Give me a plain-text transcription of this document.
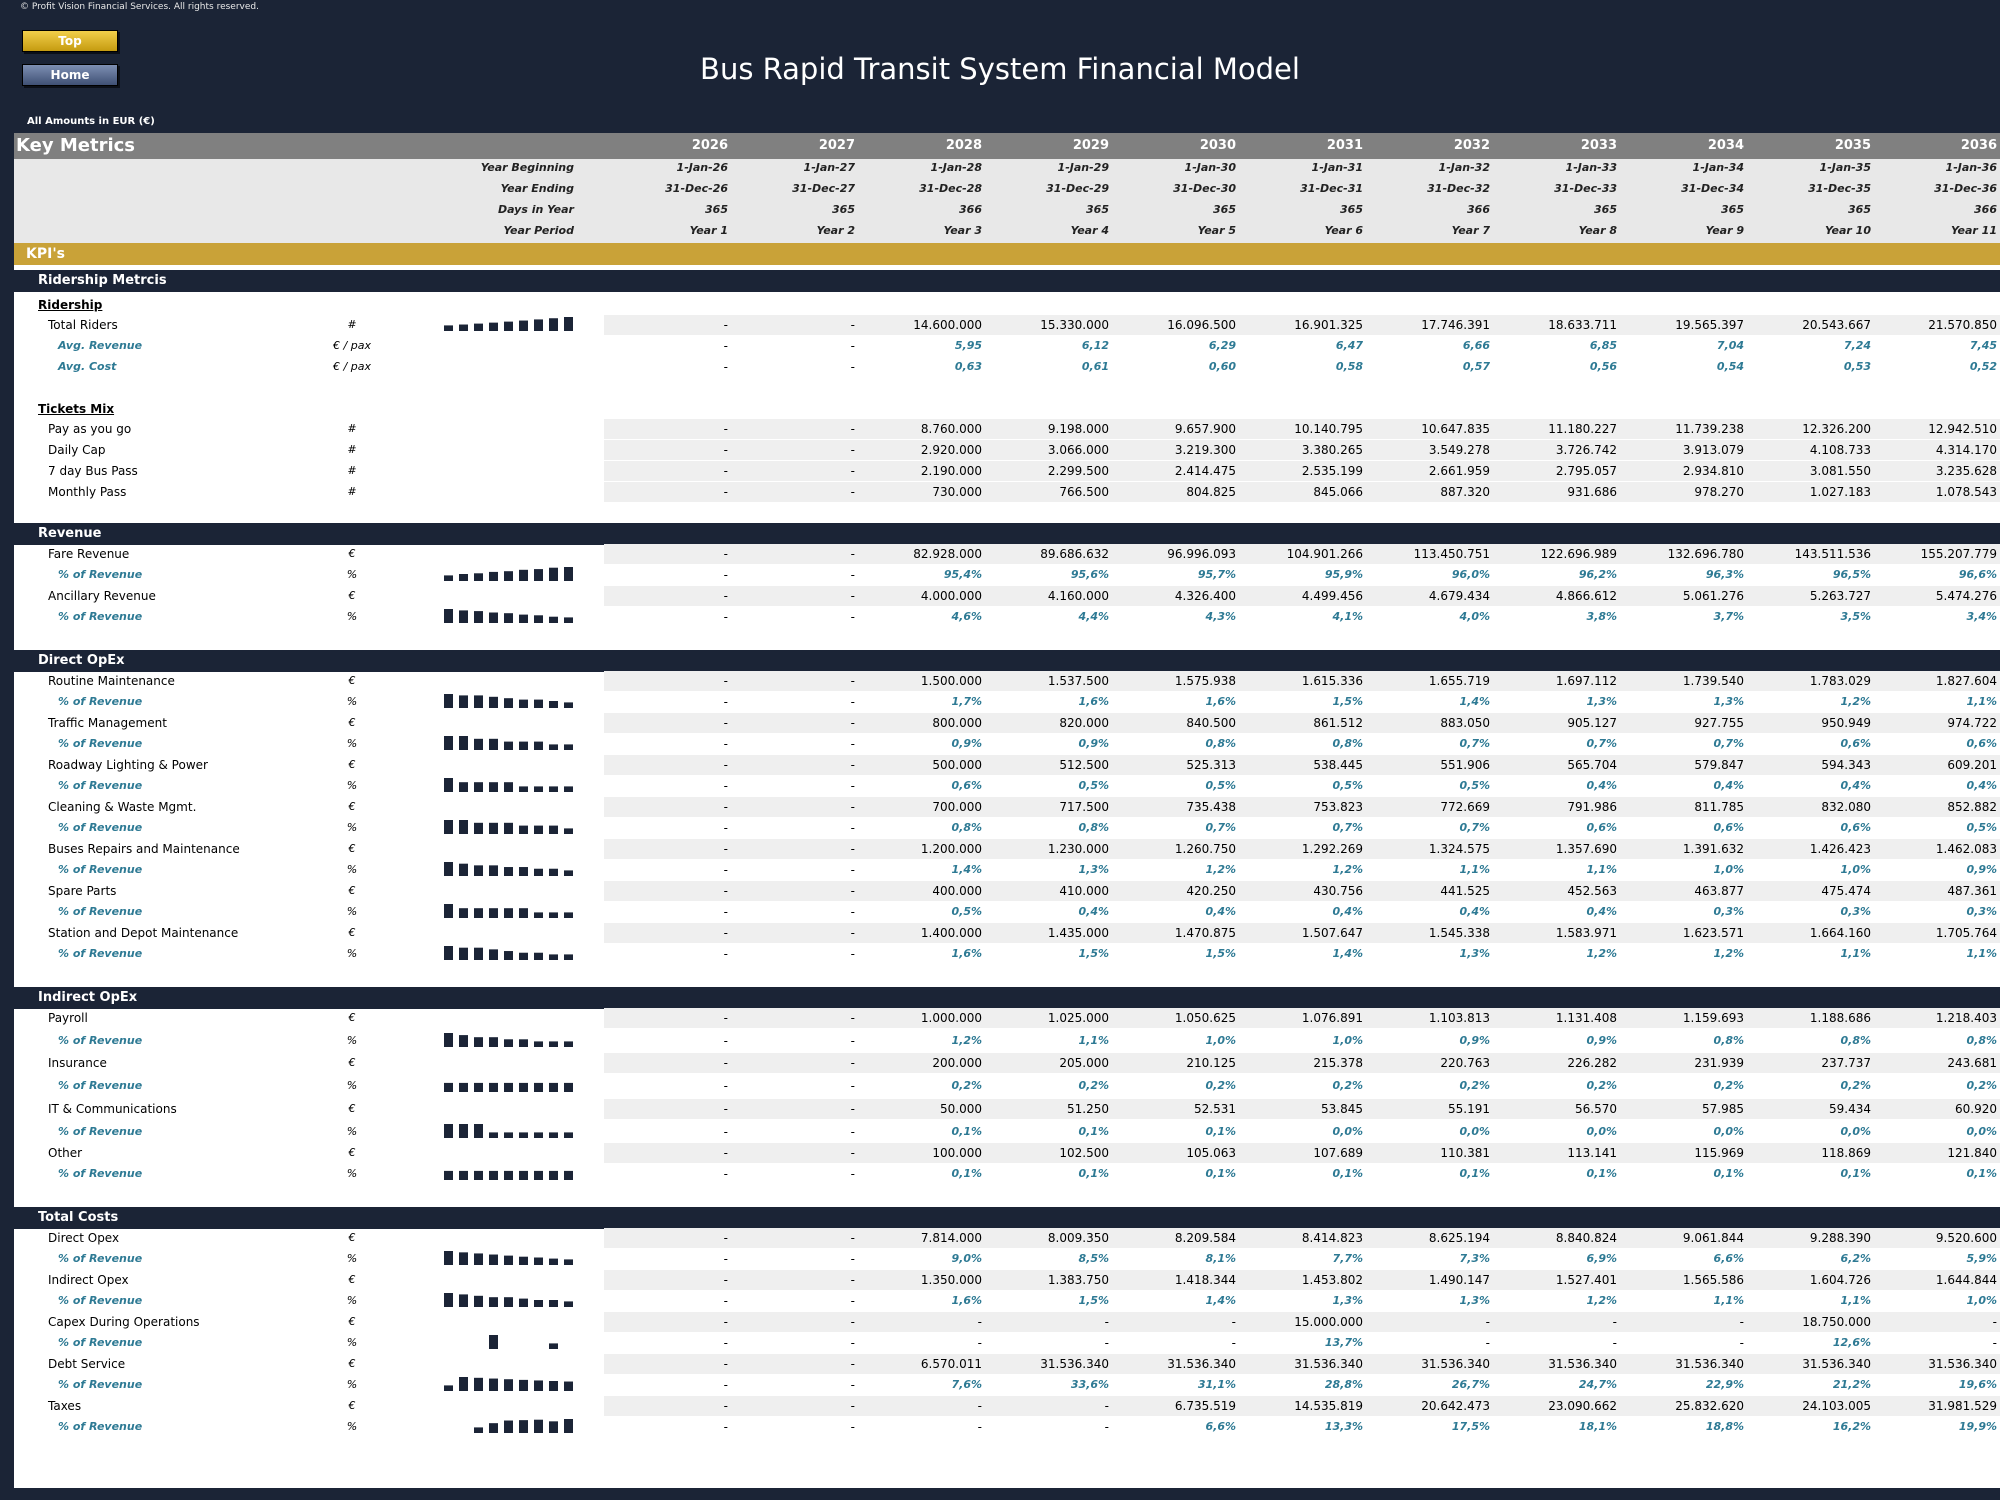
© Profit Vision Financial Services. All rights reserved.
Top
Home	Bus Rapid Transit System Financial Model
All Amounts in EUR (€)
Key Metrics	2026	2027	2028	2029	2030	2031	2032	2033	2034	2035	2036
Year Beginning	1-Jan-26	1-Jan-27	1-Jan-28	1-Jan-29	1-Jan-30	1-Jan-31	1-Jan-32	1-Jan-33	1-Jan-34	1-Jan-35	1-Jan-36
Year Ending	31-Dec-26	31-Dec-27	31-Dec-28	31-Dec-29	31-Dec-30	31-Dec-31	31-Dec-32	31-Dec-33	31-Dec-34	31-Dec-35	31-Dec-36
Days in Year	365	365	366	365	365	365	366	365	365	365	366
Year Period	Year 1	Year 2	Year 3	Year 4	Year 5	Year 6	Year 7	Year 8	Year 9	Year 10	Year 11
KPI's
Ridership Metrcis
Ridership
Tickets Mix
Total Riders	#	-	-	14.600.000	15.330.000	16.096.500	16.901.325	17.746.391	18.633.711	19.565.397	20.543.667	21.570.850
Avg. Revenue	€ / pax	-	-	5,95	6,12	6,29	6,47	6,66	6,85	7,04	7,24	7,45
Avg. Cost	€ / pax	-	-	0,63	0,61	0,60	0,58	0,57	0,56	0,54	0,53	0,52
Pay as you go	#	-	-	8.760.000	9.198.000	9.657.900	10.140.795	10.647.835	11.180.227	11.739.238	12.326.200	12.942.510
Daily Cap	#	-	-	2.920.000	3.066.000	3.219.300	3.380.265	3.549.278	3.726.742	3.913.079	4.108.733	4.314.170
7 day Bus Pass	#	-	-	2.190.000	2.299.500	2.414.475	2.535.199	2.661.959	2.795.057	2.934.810	3.081.550	3.235.628
Monthly Pass	#	-	-	730.000	766.500	804.825	845.066	887.320	931.686	978.270	1.027.183	1.078.543
Revenue
Fare Revenue	€	-	-	82.928.000	89.686.632	96.996.093	104.901.266	113.450.751	122.696.989	132.696.780	143.511.536	155.207.779
% of Revenue	%	-	-	95,4%	95,6%	95,7%	95,9%	96,0%	96,2%	96,3%	96,5%	96,6%
Ancillary Revenue	€	-	-	4.000.000	4.160.000	4.326.400	4.499.456	4.679.434	4.866.612	5.061.276	5.263.727	5.474.276
% of Revenue	%	-	-	4,6%	4,4%	4,3%	4,1%	4,0%	3,8%	3,7%	3,5%	3,4%
Direct OpEx
Routine Maintenance	€	-	-	1.500.000	1.537.500	1.575.938	1.615.336	1.655.719	1.697.112	1.739.540	1.783.029	1.827.604
% of Revenue	%	-	-	1,7%	1,6%	1,6%	1,5%	1,4%	1,3%	1,3%	1,2%	1,1%
Traffic Management	€	-	-	800.000	820.000	840.500	861.512	883.050	905.127	927.755	950.949	974.722
% of Revenue	%	-	-	0,9%	0,9%	0,8%	0,8%	0,7%	0,7%	0,7%	0,6%	0,6%
Roadway Lighting & Power	€	-	-	500.000	512.500	525.313	538.445	551.906	565.704	579.847	594.343	609.201
% of Revenue	%	-	-	0,6%	0,5%	0,5%	0,5%	0,5%	0,4%	0,4%	0,4%	0,4%
Cleaning & Waste Mgmt.	€	-	-	700.000	717.500	735.438	753.823	772.669	791.986	811.785	832.080	852.882
% of Revenue	%	-	-	0,8%	0,8%	0,7%	0,7%	0,7%	0,6%	0,6%	0,6%	0,5%
Buses Repairs and Maintenance	€	-	-	1.200.000	1.230.000	1.260.750	1.292.269	1.324.575	1.357.690	1.391.632	1.426.423	1.462.083
% of Revenue	%	-	-	1,4%	1,3%	1,2%	1,2%	1,1%	1,1%	1,0%	1,0%	0,9%
Spare Parts	€	-	-	400.000	410.000	420.250	430.756	441.525	452.563	463.877	475.474	487.361
% of Revenue	%	-	-	0,5%	0,4%	0,4%	0,4%	0,4%	0,4%	0,3%	0,3%	0,3%
Station and Depot Maintenance	€	-	-	1.400.000	1.435.000	1.470.875	1.507.647	1.545.338	1.583.971	1.623.571	1.664.160	1.705.764
% of Revenue	%	-	-	1,6%	1,5%	1,5%	1,4%	1,3%	1,2%	1,2%	1,1%	1,1%
Indirect OpEx
Payroll	€	-	-	1.000.000	1.025.000	1.050.625	1.076.891	1.103.813	1.131.408	1.159.693	1.188.686	1.218.403
% of Revenue	%	-	-	1,2%	1,1%	1,0%	1,0%	0,9%	0,9%	0,8%	0,8%	0,8%
Insurance	€	-	-	200.000	205.000	210.125	215.378	220.763	226.282	231.939	237.737	243.681
% of Revenue	%	-	-	0,2%	0,2%	0,2%	0,2%	0,2%	0,2%	0,2%	0,2%	0,2%
IT & Communications	€	-	-	50.000	51.250	52.531	53.845	55.191	56.570	57.985	59.434	60.920
% of Revenue	%	-	-	0,1%	0,1%	0,1%	0,0%	0,0%	0,0%	0,0%	0,0%	0,0%
Other	€	-	-	100.000	102.500	105.063	107.689	110.381	113.141	115.969	118.869	121.840
% of Revenue	%	-	-	0,1%	0,1%	0,1%	0,1%	0,1%	0,1%	0,1%	0,1%	0,1%
Total Costs
Direct Opex	€	-	-	7.814.000	8.009.350	8.209.584	8.414.823	8.625.194	8.840.824	9.061.844	9.288.390	9.520.600
% of Revenue	%	-	-	9,0%	8,5%	8,1%	7,7%	7,3%	6,9%	6,6%	6,2%	5,9%
Indirect Opex	€	-	-	1.350.000	1.383.750	1.418.344	1.453.802	1.490.147	1.527.401	1.565.586	1.604.726	1.644.844
% of Revenue	%	-	-	1,6%	1,5%	1,4%	1,3%	1,3%	1,2%	1,1%	1,1%	1,0%
Capex During Operations	€	-	-	-	-	-	15.000.000	-	-	-	18.750.000	-
% of Revenue	%	-	-	-	-	-	13,7%	-	-	-	12,6%	-
Debt Service	€	-	-	6.570.011	31.536.340	31.536.340	31.536.340	31.536.340	31.536.340	31.536.340	31.536.340	31.536.340
% of Revenue	%	-	-	7,6%	33,6%	31,1%	28,8%	26,7%	24,7%	22,9%	21,2%	19,6%
Taxes	€	-	-	-	-	6.735.519	14.535.819	20.642.473	23.090.662	25.832.620	24.103.005	31.981.529
% of Revenue	%	-	-	-	-	6,6%	13,3%	17,5%	18,1%	18,8%	16,2%	19,9%
